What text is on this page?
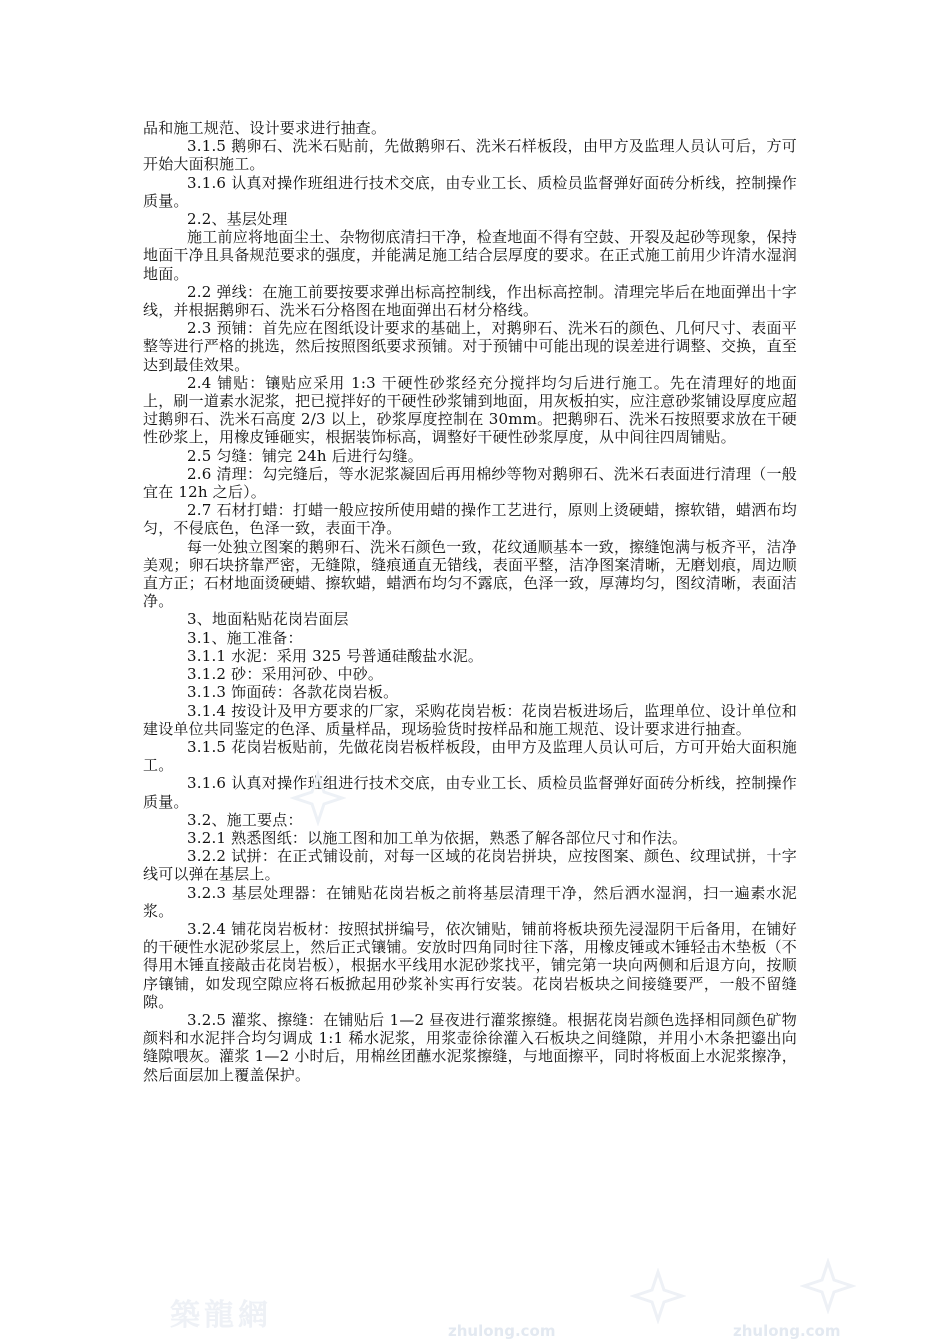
品和施工规范、设计要求进行抽查。

3.1.5 鹅卵石、洗米石贴前，先做鹅卵石、洗米石样板段，由甲方及监理人员认可后，方可开始大面积施工。

3.1.6 认真对操作班组进行技术交底，由专业工长、质检员监督弹好面砖分析线，控制操作质量。

2.2、基层处理

施工前应将地面尘土、杂物彻底清扫干净，检查地面不得有空鼓、开裂及起砂等现象，保持地面干净且具备规范要求的强度，并能满足施工结合层厚度的要求。在正式施工前用少许清水湿润地面。

2.2 弹线：在施工前要按要求弹出标高控制线，作出标高控制。清理完毕后在地面弹出十字线，并根据鹅卵石、洗米石分格图在地面弹出石材分格线。

2.3 预铺：首先应在图纸设计要求的基础上，对鹅卵石、洗米石的颜色、几何尺寸、表面平整等进行严格的挑选，然后按照图纸要求预铺。对于预铺中可能出现的误差进行调整、交换，直至达到最佳效果。

2.4 铺贴：镶贴应采用 1:3 干硬性砂浆经充分搅拌均匀后进行施工。先在清理好的地面上，刷一道素水泥浆，把已搅拌好的干硬性砂浆铺到地面，用灰板拍实，应注意砂浆铺设厚度应超过鹅卵石、洗米石高度 2/3 以上，砂浆厚度控制在 30mm。把鹅卵石、洗米石按照要求放在干硬性砂浆上，用橡皮锤砸实，根据装饰标高，调整好干硬性砂浆厚度，从中间往四周铺贴。

2.5 匀缝：铺完 24h 后进行勾缝。

2.6 清理：勾完缝后，等水泥浆凝固后再用棉纱等物对鹅卵石、洗米石表面进行清理（一般宜在 12h 之后）。

2.7 石材打蜡：打蜡一般应按所使用蜡的操作工艺进行，原则上烫硬蜡，擦软错，蜡洒布均匀，不侵底色，色泽一致，表面干净。

每一处独立图案的鹅卵石、洗米石颜色一致，花纹通顺基本一致，擦缝饱满与板齐平，洁净美观；卵石块挤靠严密，无缝隙，缝痕通直无错线，表面平整，洁净图案清晰，无磨划痕，周边顺直方正；石材地面烫硬蜡、擦软蜡，蜡洒布均匀不露底，色泽一致，厚薄均匀，图纹清晰，表面洁净。

3、地面粘贴花岗岩面层

3.1、施工准备：

3.1.1 水泥：采用 325 号普通硅酸盐水泥。

3.1.2 砂：采用河砂、中砂。

3.1.3 饰面砖：各款花岗岩板。

3.1.4 按设计及甲方要求的厂家，采购花岗岩板：花岗岩板进场后，监理单位、设计单位和建设单位共同鉴定的色泽、质量样品，现场验货时按样品和施工规范、设计要求进行抽查。

3.1.5 花岗岩板贴前，先做花岗岩板样板段，由甲方及监理人员认可后，方可开始大面积施工。

3.1.6 认真对操作班组进行技术交底，由专业工长、质检员监督弹好面砖分析线，控制操作质量。

3.2、施工要点：

3.2.1 熟悉图纸：以施工图和加工单为依据，熟悉了解各部位尺寸和作法。

3.2.2 试拼：在正式铺设前，对每一区域的花岗岩拼块，应按图案、颜色、纹理试拼，十字线可以弹在基层上。

3.2.3 基层处理器：在铺贴花岗岩板之前将基层清理干净，然后洒水湿润，扫一遍素水泥浆。

3.2.4 铺花岗岩板材：按照拭拼编号，依次铺贴，铺前将板块预先浸湿阴干后备用，在铺好的干硬性水泥砂浆层上，然后正式镶铺。安放时四角同时往下落，用橡皮锤或木锤轻击木垫板（不得用木锤直接敲击花岗岩板），根据水平线用水泥砂浆找平，铺完第一块向两侧和后退方向，按顺序镶铺，如发现空隙应将石板掀起用砂浆补实再行安装。花岗岩板块之间接缝要严，一般不留缝隙。

3.2.5 灌浆、擦缝：在铺贴后 1—2 昼夜进行灌浆擦缝。根据花岗岩颜色选择相同颜色矿物颜料和水泥拌合均匀调成 1:1 稀水泥浆，用浆壶徐徐灌入石板块之间缝隙，并用小木条把鎏出向缝隙喂灰。灌浆 1—2 小时后，用棉丝团蘸水泥浆擦缝，与地面擦平，同时将板面上水泥浆擦净，然后面层加上覆盖保护。

築龍網	zhulong.com	zhulong.com
